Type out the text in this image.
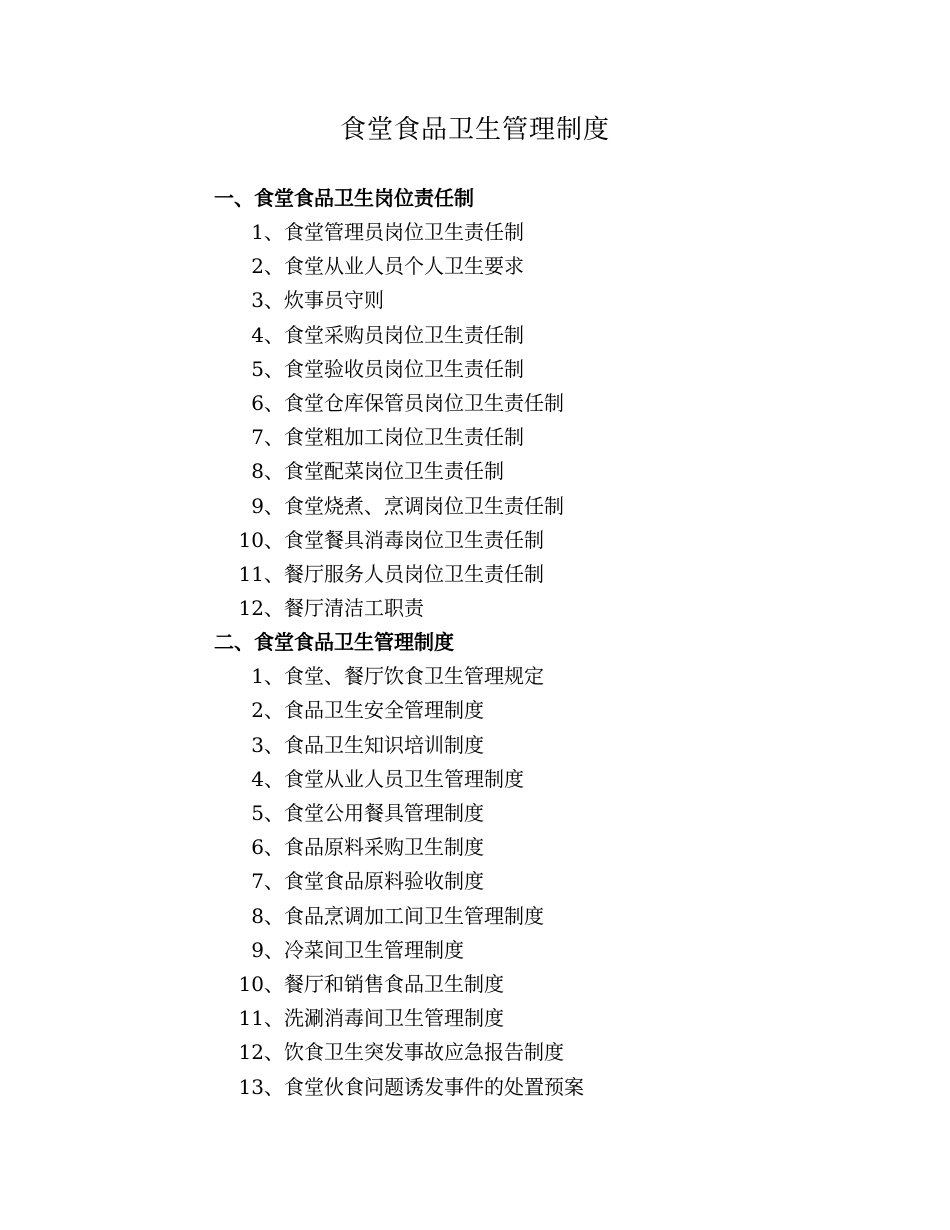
食堂食品卫生管理制度
一、食堂食品卫生岗位责任制
1 、 食堂管理员岗位卫生责任制
2 、 食堂从业人员个人卫生要求
3 、 炊事员守则
4 、 食堂采购员岗位卫生责任制
5 、 食堂验收员岗位卫生责任制
6 、 食堂仓库保管员岗位卫生责任制
7 、 食堂粗加工岗位卫生责任制
8 、 食堂配菜岗位卫生责任制
9 、 食堂烧煮、烹调岗位卫生责任制
10 、 食堂餐具消毒岗位卫生责任制
11 、 餐厅服务人员岗位卫生责任制
12 、 餐厅清洁工职责
二、食堂食品卫生管理制度
1 、 食堂、餐厅饮食卫生管理规定
2 、 食品卫生安全管理制度
3 、 食品卫生知识培训制度
4 、 食堂从业人员卫生管理制度
5 、 食堂公用餐具管理制度
6 、 食品原料采购卫生制度
7 、 食堂食品原料验收制度
8 、 食品烹调加工间卫生管理制度
9 、 冷菜间卫生管理制度
10 、 餐厅和销售食品卫生制度
11 、 洗涮消毒间卫生管理制度
12 、 饮食卫生突发事故应急报告制度
13 、 食堂伙食问题诱发事件的处置预案
